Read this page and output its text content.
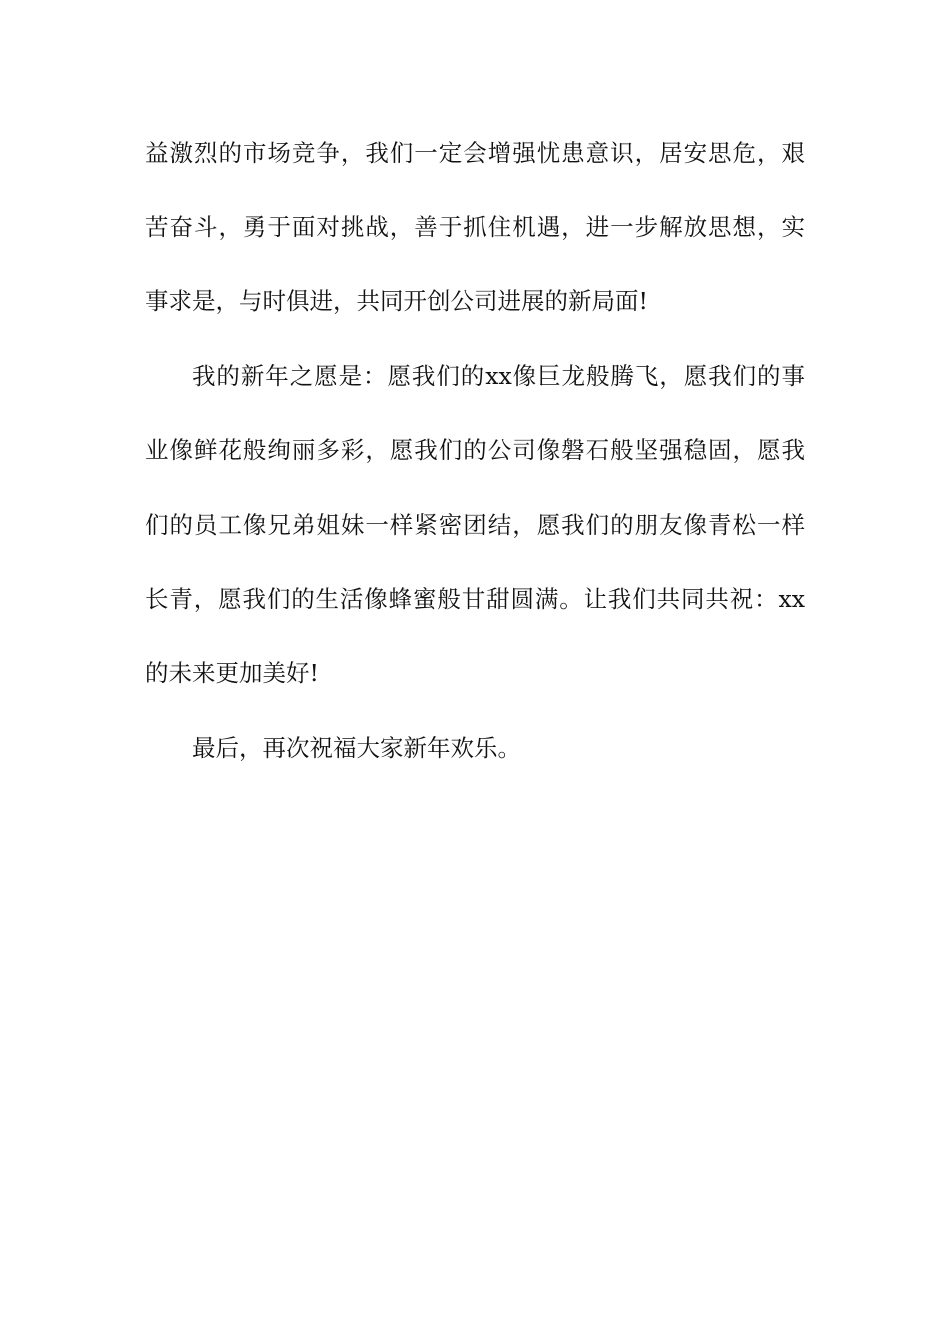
益激烈的市场竞争，我们一定会增强忧患意识，居安思危，艰
苦奋斗，勇于面对挑战，善于抓住机遇，进一步解放思想，实
事求是，与时俱进，共同开创公司进展的新局面!
我的新年之愿是：愿我们的xx像巨龙般腾飞，愿我们的事
业像鲜花般绚丽多彩，愿我们的公司像磐石般坚强稳固，愿我
们的员工像兄弟姐妹一样紧密团结，愿我们的朋友像青松一样
长青，愿我们的生活像蜂蜜般甘甜圆满。让我们共同共祝：xx
的未来更加美好!
最后，再次祝福大家新年欢乐。
